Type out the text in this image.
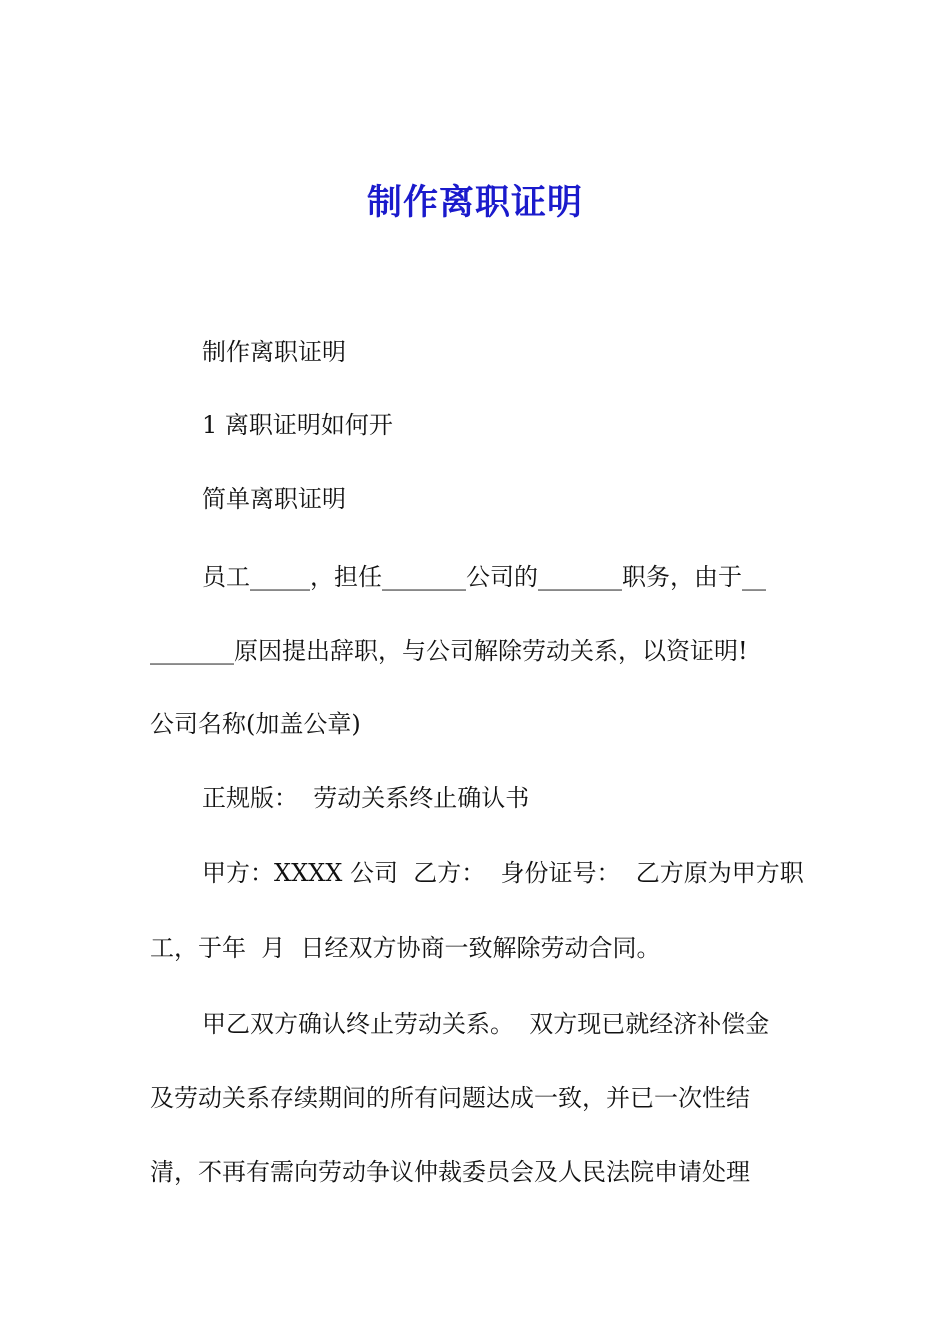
制作离职证明
制作离职证明
1 离职证明如何开
简单离职证明
员工_____，担任_______公司的_______职务，由于__
_______原因提出辞职，与公司解除劳动关系，以资证明!
公司名称(加盖公章)
正规版：  劳动关系终止确认书
甲方：XXXX 公司  乙方：  身份证号：  乙方原为甲方职
工，于年  月  日经双方协商一致解除劳动合同。
甲乙双方确认终止劳动关系。  双方现已就经济补偿金
及劳动关系存续期间的所有问题达成一致，并已一次性结
清，不再有需向劳动争议仲裁委员会及人民法院申请处理
